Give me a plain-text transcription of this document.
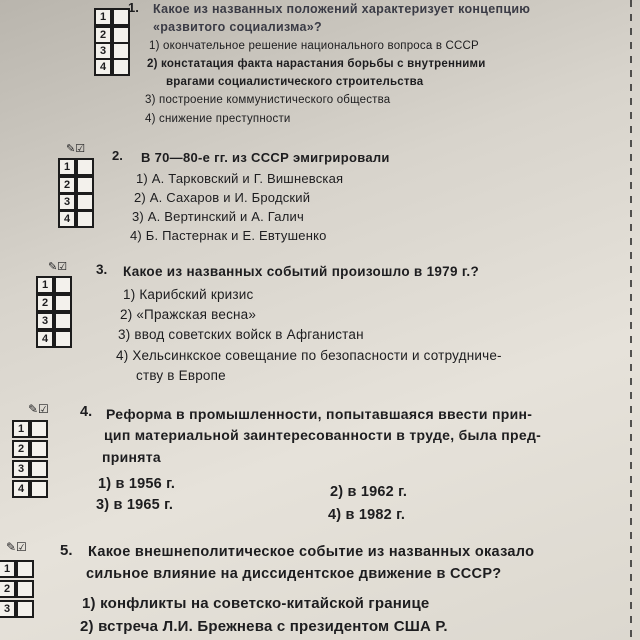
1
2
3
4
1. Какое из названных положений характеризует концепцию
«развитого социализма»?
1) окончательное решение национального вопроса в СССР
2) констатация факта нарастания борьбы с внутренними
врагами социалистического строительства
3) построение коммунистического общества
4) снижение преступности
✎☑
1
2
3
4
2. В 70—80-е гг. из СССР эмигрировали
1) А. Тарковский и Г. Вишневская
2) А. Сахаров и И. Бродский
3) А. Вертинский и А. Галич
4) Б. Пастернак и Е. Евтушенко
✎☑
1
2
3
4
3. Какое из названных событий произошло в 1979 г.?
1) Карибский кризис
2) «Пражская весна»
3) ввод советских войск в Афганистан
4) Хельсинкское совещание по безопасности и сотрудниче-
ству в Европе
✎☑
1
2
3
4
4. Реформа в промышленности, попытавшаяся ввести прин-
цип материальной заинтересованности в труде, была пред-
принята
1) в 1956 г.	2) в 1962 г.
3) в 1965 г.
4) в 1982 г.
✎☑
1
2
3
5. Какое внешнеполитическое событие из названных оказало
сильное влияние на диссидентское движение в СССР?
1) конфликты на советско-китайской границе
2) встреча Л.И. Брежнева с президентом США Р.
